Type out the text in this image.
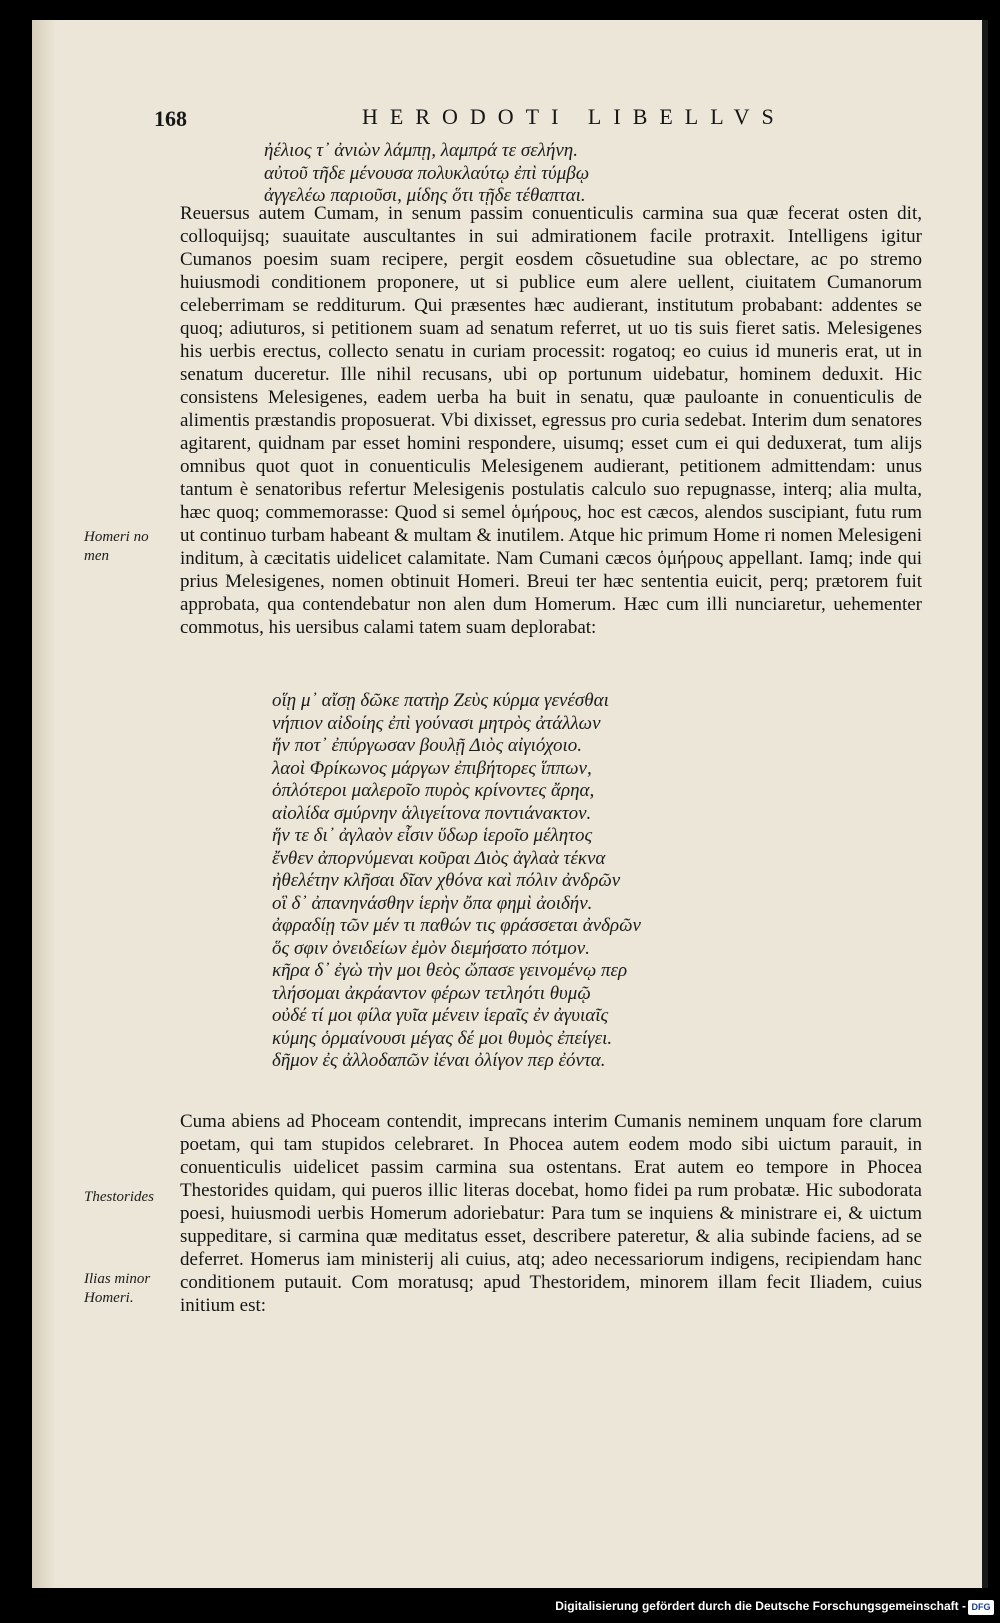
168	HERODOTI LIBELLVS
ἠέλιος τ᾽ ἀνιὼν λάμπῃ, λαμπρά τε σελήνη.
αὐτοῦ τῆδε μένουσα πολυκλαύτῳ ἐπὶ τύμβῳ
ἀγγελέω παριοῦσι, μίδης ὅτι τῇδε τέθαπται.

Reuersus autem Cumam, in senum passim conuenticulis carmina sua quæ fecerat osten dit, colloquijsq; suauitate auscultantes in sui admirationem facile protraxit. Intelligens igitur Cumanos poesim suam recipere, pergit eosdem cõsuetudine sua oblectare, ac po stremo huiusmodi conditionem proponere, ut si publice eum alere uellent, ciuitatem Cumanorum celeberrimam se redditurum. Qui præsentes hæc audierant, institutum probabant: addentes se quoq; adiuturos, si petitionem suam ad senatum referret, ut uo tis suis fieret satis. Melesigenes his uerbis erectus, collecto senatu in curiam processit: rogatoq; eo cuius id muneris erat, ut in senatum duceretur. Ille nihil recusans, ubi op portunum uidebatur, hominem deduxit. Hic consistens Melesigenes, eadem uerba ha buit in senatu, quæ pauloante in conuenticulis de alimentis præstandis proposuerat. Vbi dixisset, egressus pro curia sedebat. Interim dum senatores agitarent, quidnam par esset homini respondere, uisumq; esset cum ei qui deduxerat, tum alijs omnibus quot quot in conuenticulis Melesigenem audierant, petitionem admittendam: unus tantum è senatoribus refertur Melesigenis postulatis calculo suo repugnasse, interq; alia multa, hæc quoq; commemorasse: Quod si semel ὁμήρους, hoc est cæcos, alendos suscipiant, futu rum ut continuo turbam habeant & multam & inutilem. Atque hic primum Home ri nomen Melesigeni inditum, à cæcitatis uidelicet calamitate. Nam Cumani cæcos ὁμήρους appellant. Iamq; inde qui prius Melesigenes, nomen obtinuit Homeri. Breui ter hæc sententia euicit, perq; prætorem fuit approbata, qua contendebatur non alen dum Homerum. Hæc cum illi nunciaretur, uehementer commotus, his uersibus calami tatem suam deplorabat:

Homeri no men
οἵῃ μ᾽ αἴσῃ δῶκε πατὴρ Ζεὺς κύρμα γενέσθαι
νήπιον αἰδοίης ἐπὶ γούνασι μητρὸς ἀτάλλων
ἥν ποτ᾽ ἐπύργωσαν βουλῇ Διὸς αἰγιόχοιο.
λαοὶ Φρίκωνος μάργων ἐπιβήτορες ἵππων,
ὁπλότεροι μαλεροῖο πυρὸς κρίνοντες ἄρηα,
αἰολίδα σμύρνην ἁλιγείτονα ποντιάνακτον.
ἥν τε δι᾽ ἀγλαὸν εἶσιν ὕδωρ ἱεροῖο μέλητος
ἔνθεν ἀπορνύμεναι κοῦραι Διὸς ἀγλαὰ τέκνα
ἠθελέτην κλῆσαι δῖαν χθόνα καὶ πόλιν ἀνδρῶν
οἳ δ᾽ ἀπανηνάσθην ἱερὴν ὄπα φημὶ ἀοιδήν.
ἀφραδίῃ τῶν μέν τι παθών τις φράσσεται ἀνδρῶν
ὅς σφιν ὀνειδείων ἐμὸν διεμήσατο πότμον.
κῆρα δ᾽ ἐγὼ τὴν μοι θεὸς ὤπασε γεινομένῳ περ
τλήσομαι ἀκράαντον φέρων τετληότι θυμῷ
οὐδέ τί μοι φίλα γυῖα μένειν ἱεραῖς ἐν ἀγυιαῖς
κύμης ὁρμαίνουσι μέγας δέ μοι θυμὸς ἐπείγει.
δῆμον ἐς ἀλλοδαπῶν ἰέναι ὀλίγον περ ἐόντα.

Cuma abiens ad Phoceam contendit, imprecans interim Cumanis neminem unquam fore clarum poetam, qui tam stupidos celebraret. In Phocea autem eodem modo sibi uictum parauit, in conuenticulis uidelicet passim carmina sua ostentans. Erat autem eo tempore in Phocea Thestorides quidam, qui pueros illic literas docebat, homo fidei pa rum probatæ. Hic subodorata poesi, huiusmodi uerbis Homerum adoriebatur: Para tum se inquiens & ministrare ei, & uictum suppeditare, si carmina quæ meditatus esset, describere pateretur, & alia subinde faciens, ad se deferret. Homerus iam ministerij ali cuius, atq; adeo necessariorum indigens, recipiendam hanc conditionem putauit. Com moratusq; apud Thestoridem, minorem illam fecit Iliadem, cuius initium est:

Thestorides
Ilias minor Homeri.
Digitalisierung gefördert durch die Deutsche Forschungsgemeinschaft - DFG
